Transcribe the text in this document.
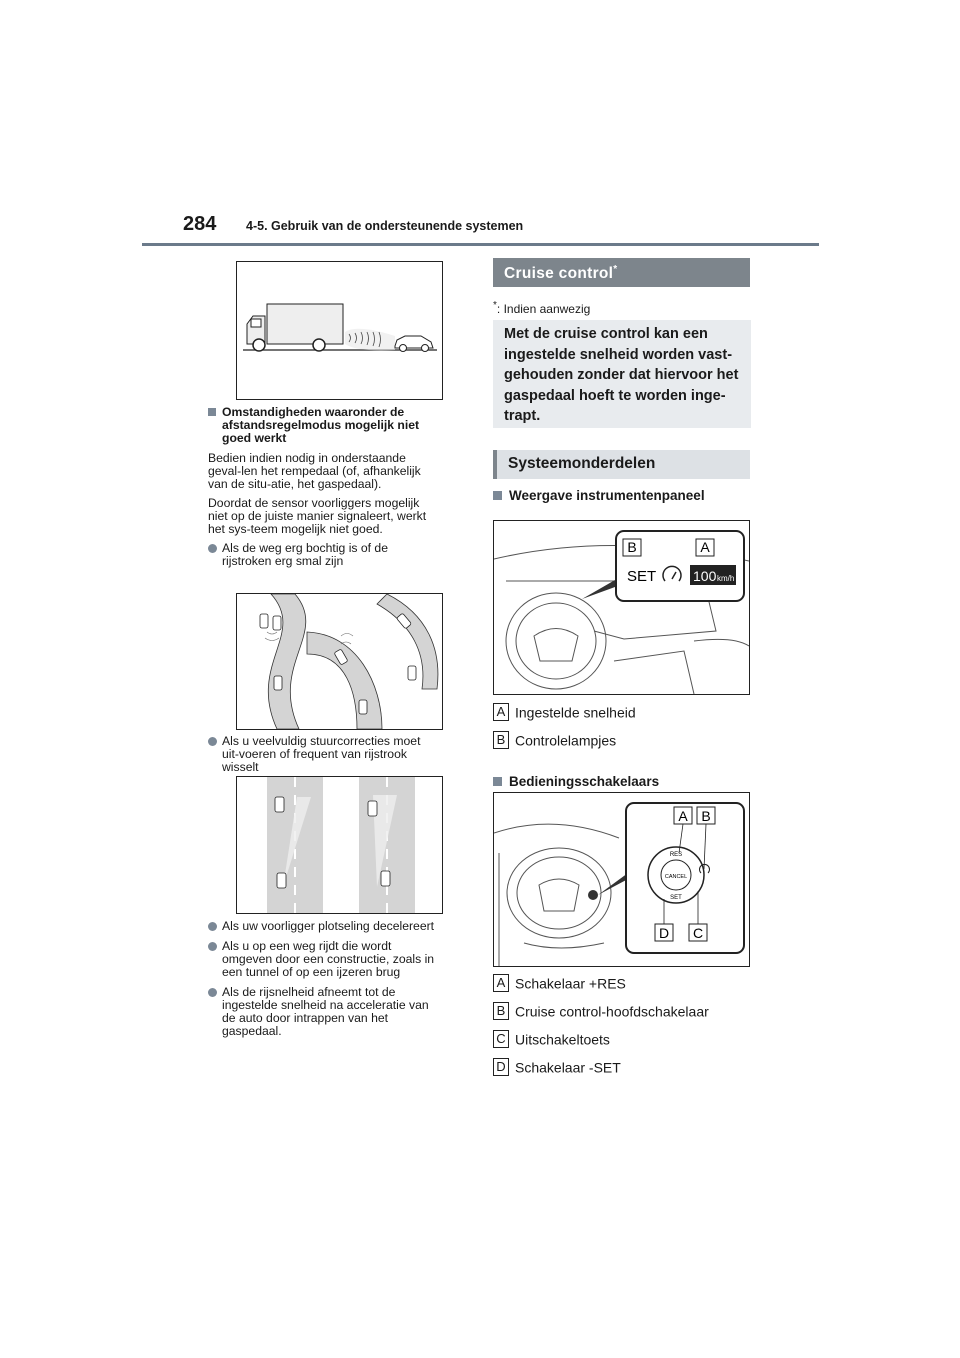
284 4-5. Gebruik van de ondersteunende systemen
Omstandigheden waaronder de afstandsregelmodus mogelijk niet goed werkt

Bedien indien nodig in onderstaande geval-len het rempedaal (of, afhankelijk van de situ-atie, het gaspedaal).

Doordat de sensor voorliggers mogelijk niet op de juiste manier signaleert, werkt het sys-teem mogelijk niet goed.

Als de weg erg bochtig is of de rijstroken erg smal zijn
Als u veelvuldig stuurcorrecties moet uit-voeren of frequent van rijstrook wisselt
Als uw voorligger plotseling decelereert
Als u op een weg rijdt die wordt omgeven door een constructie, zoals in een tunnel of op een ijzeren brug
Als de rijsnelheid afneemt tot de ingestelde snelheid na acceleratie van de auto door intrappen van het gaspedaal.
Cruise control*
*: Indien aanwezig
Met de cruise control kan een ingestelde snelheid worden vast-gehouden zonder dat hiervoor het gaspedaal hoeft te worden inge-trapt.
Systeemonderdelen
Weergave instrumentenpaneel
B	A
SET	100 km/h
A Ingestelde snelheid
B Controlelampjes
Bedieningsschakelaars
RES
CANCEL
SET
A B
D C
A Schakelaar +RES
B Cruise control-hoofdschakelaar
C Uitschakeltoets
D Schakelaar -SET
